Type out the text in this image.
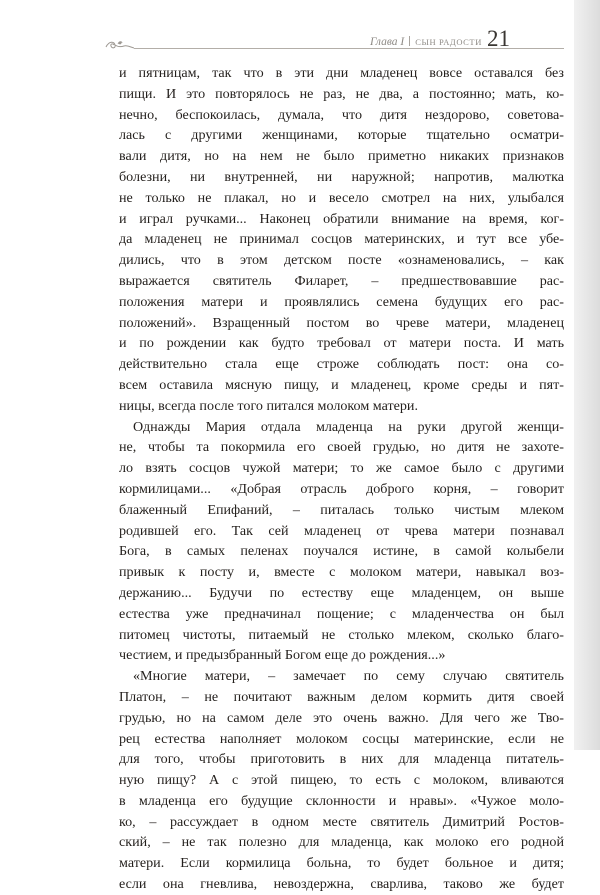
Глава I СЫН РАДОСТИ 21
и пятницам, так что в эти дни младенец вовсе оставался без
пищи. И это повторялось не раз, не два, а постоянно; мать, ко-
нечно, беспокоилась, думала, что дитя нездорово, советова-
лась с другими женщинами, которые тщательно осматри-
вали дитя, но на нем не было приметно никаких признаков
болезни, ни внутренней, ни наружной; напротив, малютка
не только не плакал, но и весело смотрел на них, улыбался
и играл ручками... Наконец обратили внимание на время, ког-
да младенец не принимал сосцов материнских, и тут все убе-
дились, что в этом детском посте «ознаменовались, – как
выражается святитель Филарет, – предшествовавшие рас-
положения матери и проявлялись семена будущих его рас-
положений». Взращенный постом во чреве матери, младенец
и по рождении как будто требовал от матери поста. И мать
действительно стала еще строже соблюдать пост: она со-
всем оставила мясную пищу, и младенец, кроме среды и пят-
ницы, всегда после того питался молоком матери.
Однажды Мария отдала младенца на руки другой женщи-
не, чтобы та покормила его своей грудью, но дитя не захоте-
ло взять сосцов чужой матери; то же самое было с другими
кормилицами... «Добрая отрасль доброго корня, – говорит
блаженный Епифаний, – питалась только чистым млеком
родившей его. Так сей младенец от чрева матери познавал
Бога, в самых пеленах поучался истине, в самой колыбели
привык к посту и, вместе с молоком матери, навыкал воз-
держанию... Будучи по естеству еще младенцем, он выше
естества уже предначинал пощение; с младенчества он был
питомец чистоты, питаемый не столько млеком, сколько благо-
честием, и предызбранный Богом еще до рождения...»
«Многие матери, – замечает по сему случаю святитель
Платон, – не почитают важным делом кормить дитя своей
грудью, но на самом деле это очень важно. Для чего же Тво-
рец естества наполняет молоком сосцы материнские, если не
для того, чтобы приготовить в них для младенца питатель-
ную пищу? А с этой пищею, то есть с молоком, вливаются
в младенца его будущие склонности и нравы». «Чужое моло-
ко, – рассуждает в одном месте святитель Димитрий Ростов-
ский, – не так полезно для младенца, как молоко его родной
матери. Если кормилица больна, то будет больное и дитя;
если она гневлива, невоздержна, сварлива, таково же будет
